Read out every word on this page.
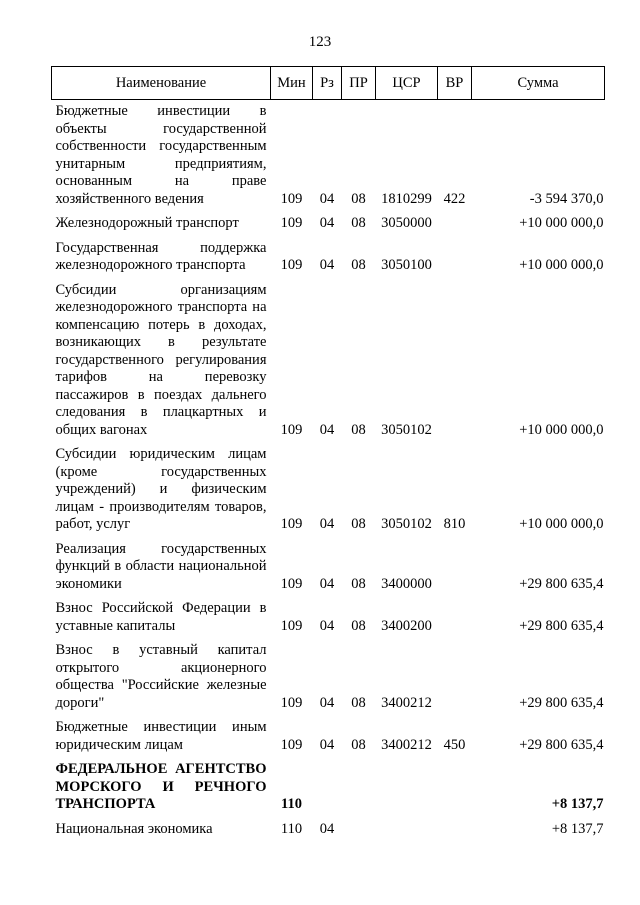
123
Наименование	Мин	Рз	ПР	ЦСР	ВР	Сумма
Бюджетные инвестиции в объекты государственной собственности государственным унитарным предприятиям, основанным на праве хозяйственного ведения	109	04	08	1810299	422	-3 594 370,0
Железнодорожный транспорт	109	04	08	3050000		+10 000 000,0
Государственная поддержка железнодорожного транспорта	109	04	08	3050100		+10 000 000,0
Субсидии организациям железнодорожного транспорта на компенсацию потерь в доходах, возникающих в результате государственного регулирования тарифов на перевозку пассажиров в поездах дальнего следования в плацкартных и общих вагонах	109	04	08	3050102		+10 000 000,0
Субсидии юридическим лицам (кроме государственных учреждений) и физическим лицам - производителям товаров, работ, услуг	109	04	08	3050102	810	+10 000 000,0
Реализация государственных функций в области национальной экономики	109	04	08	3400000		+29 800 635,4
Взнос Российской Федерации в уставные капиталы	109	04	08	3400200		+29 800 635,4
Взнос в уставный капитал открытого акционерного общества "Российские железные дороги"	109	04	08	3400212		+29 800 635,4
Бюджетные инвестиции иным юридическим лицам	109	04	08	3400212	450	+29 800 635,4
ФЕДЕРАЛЬНОЕ АГЕНТСТВО МОРСКОГО И РЕЧНОГО ТРАНСПОРТА	110					+8 137,7
Национальная экономика	110	04				+8 137,7
